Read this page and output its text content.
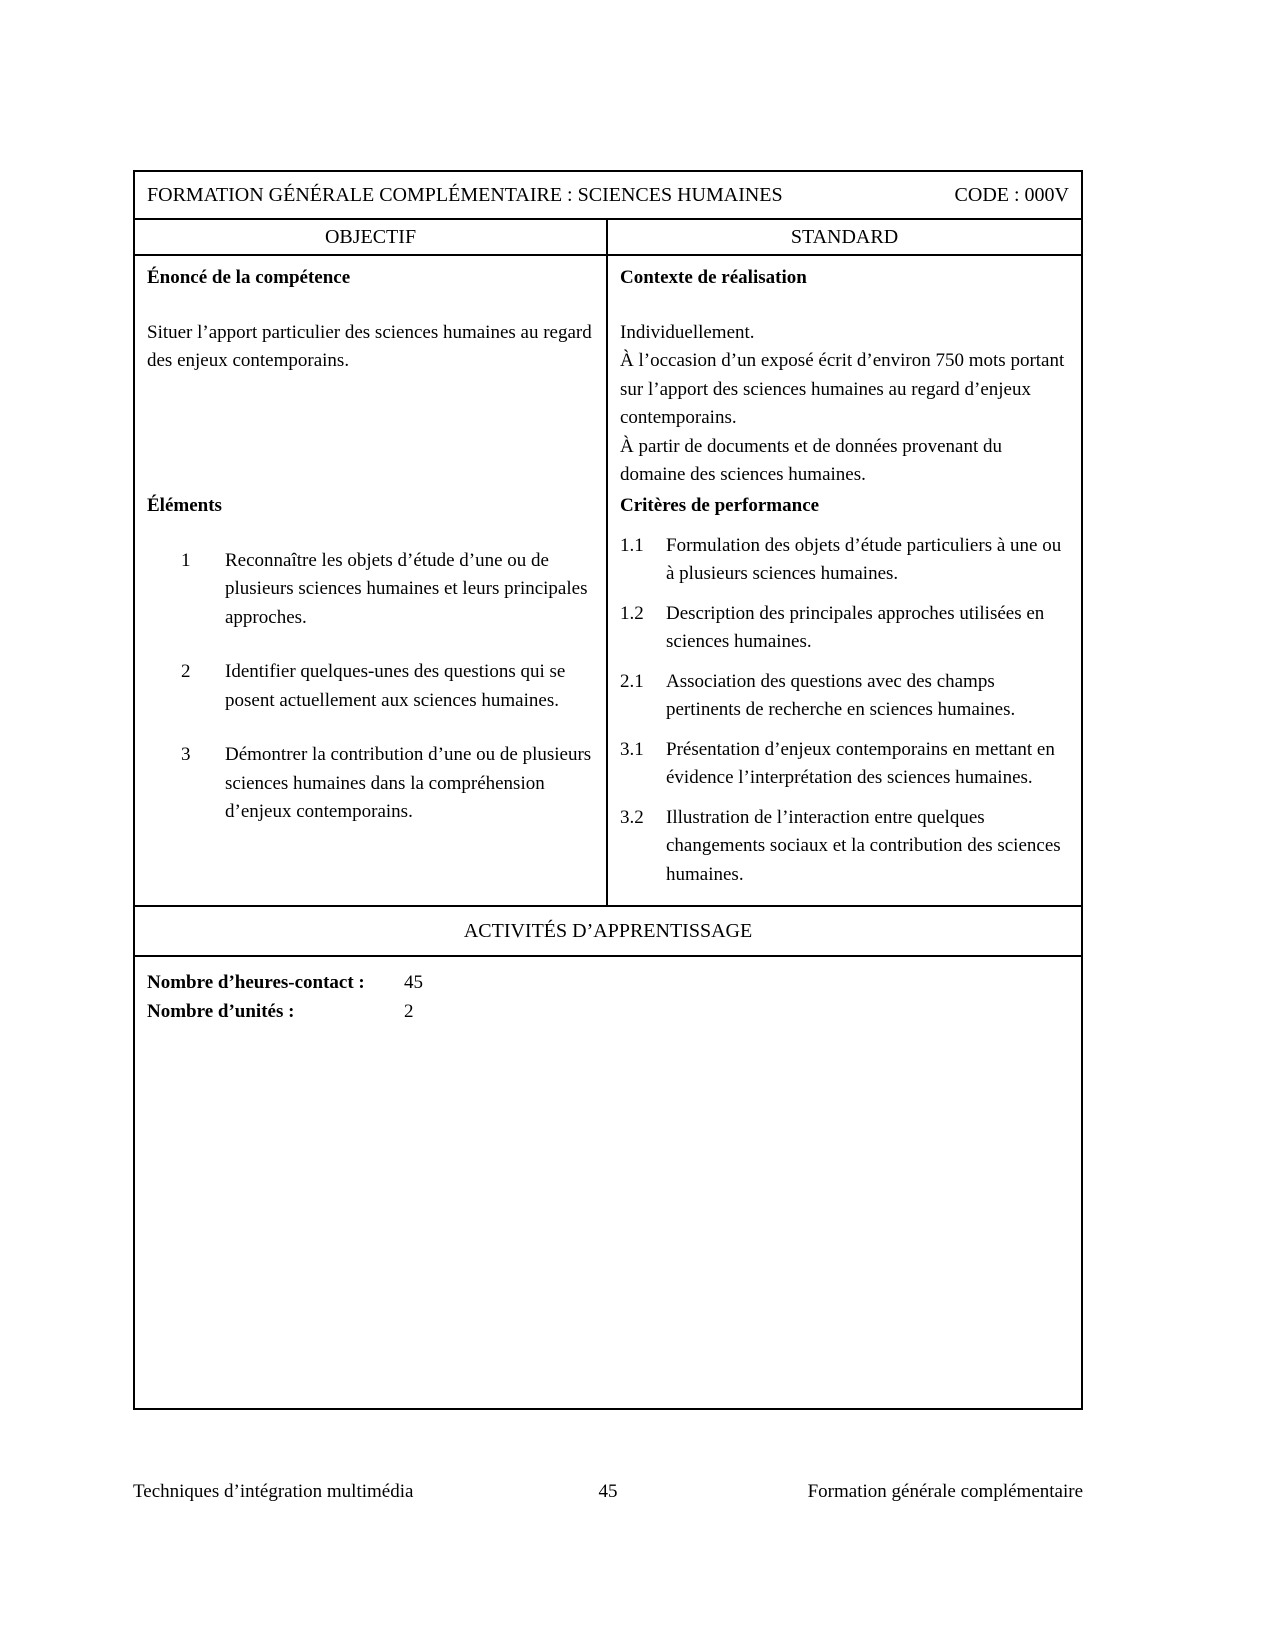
FORMATION GÉNÉRALE COMPLÉMENTAIRE : SCIENCES HUMAINES	CODE : 000V
OBJECTIF	STANDARD

Énoncé de la compétence

Situer l’apport particulier des sciences humaines au regard des enjeux contemporains.

Éléments

1	Reconnaître les objets d’étude d’une ou de plusieurs sciences humaines et leurs principales approches.
2	Identifier quelques-unes des questions qui se posent actuellement aux sciences humaines.
3	Démontrer la contribution d’une ou de plusieurs sciences humaines dans la compréhension d’enjeux contemporains.

Contexte de réalisation

Individuellement.

À l’occasion d’un exposé écrit d’environ 750 mots portant sur l’apport des sciences humaines au regard d’enjeux contemporains.

À partir de documents et de données provenant du domaine des sciences humaines.

Critères de performance

1.1	Formulation des objets d’étude particuliers à une ou à plusieurs sciences humaines.
1.2	Description des principales approches utilisées en sciences humaines.
2.1	Association des questions avec des champs pertinents de recherche en sciences humaines.
3.1	Présentation d’enjeux contemporains en mettant en évidence l’interprétation des sciences humaines.
3.2	Illustration de l’interaction entre quelques changements sociaux et la contribution des sciences humaines.
ACTIVITÉS D’APPRENTISSAGE
Nombre d’heures-contact :	45
Nombre d’unités :	2
45
Techniques d’intégration multimédia	Formation générale complémentaire
